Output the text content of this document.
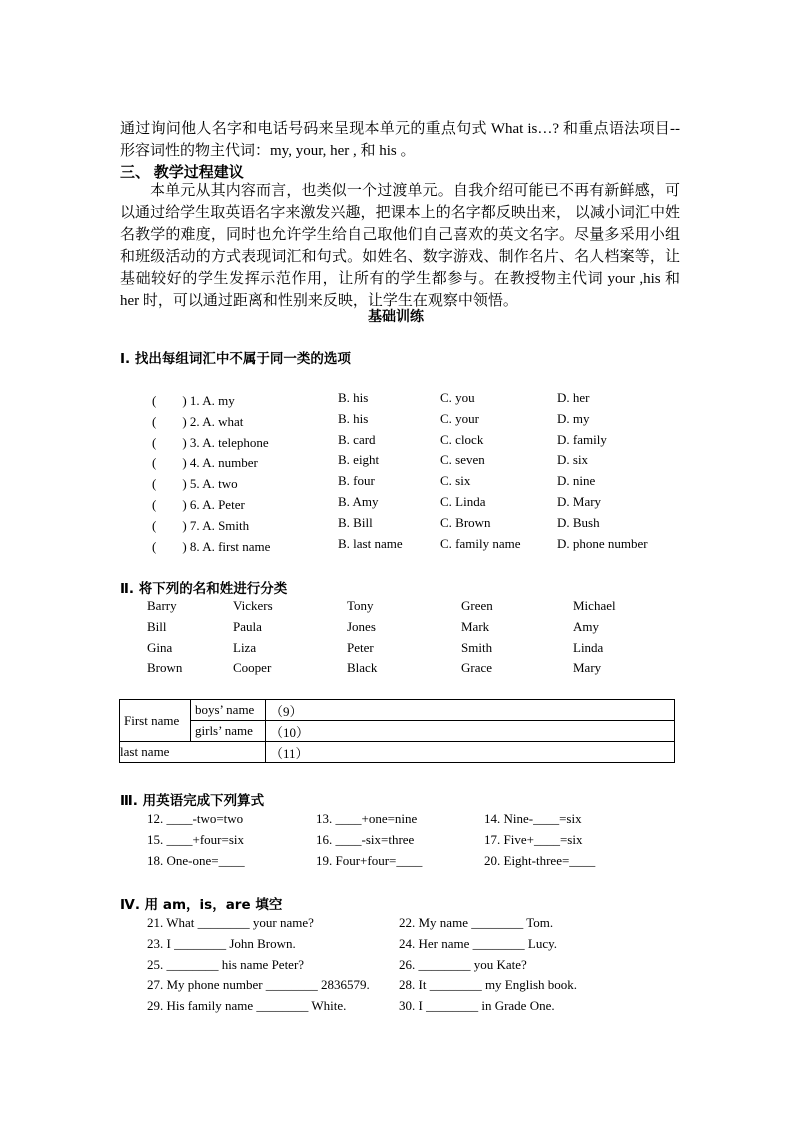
通过询问他人名字和电话号码来呈现本单元的重点句式 What is…? 和重点语法项目--形容词性的物主代词：my, your, her , 和 his 。
三、 教学过程建议
本单元从其内容而言，也类似一个过渡单元。自我介绍可能已不再有新鲜感，可以通过给学生取英语名字来激发兴趣，把课本上的名字都反映出来， 以减小词汇中姓名教学的难度，同时也允许学生给自己取他们自己喜欢的英文名字。尽量多采用小组和班级活动的方式表现词汇和句式。如姓名、数字游戏、制作名片、名人档案等，让基础较好的学生发挥示范作用，让所有的学生都参与。在教授物主代词 your ,his 和 her 时，可以通过距离和性别来反映，让学生在观察中领悟。
基础训练
Ⅰ. 找出每组词汇中不属于同一类的选项
(　　) 1. A. my	B. his	C. you	D. her
(　　) 2. A. what	B. his	C. your	D. my
(　　) 3. A. telephone	B. card	C. clock	D. family
(　　) 4. A. number	B. eight	C. seven	D. six
(　　) 5. A. two	B. four	C. six	D. nine
(　　) 6. A. Peter	B. Amy	C. Linda	D. Mary
(　　) 7. A. Smith	B. Bill	C. Brown	D. Bush
(　　) 8. A. first name	B. last name	C. family name	D. phone number
Ⅱ. 将下列的名和姓进行分类
Barry	Vickers	Tony	Green	Michael
Bill	Paula	Jones	Mark	Amy
Gina	Liza	Peter	Smith	Linda
Brown	Cooper	Black	Grace	Mary
First name	boys’ name	（9）
	girls’ name	（10）
last name		（11）
Ⅲ. 用英语完成下列算式
12. ____-two=two	13. ____+one=nine	14. Nine-____=six
15. ____+four=six	16. ____-six=three	17. Five+____=six
18. One-one=____	19. Four+four=____	20. Eight-three=____
Ⅳ. 用 am，is，are 填空
21. What ________ your name?	22. My name ________ Tom.
23. I ________ John Brown.	24. Her name ________ Lucy.
25. ________ his name Peter?	26. ________ you Kate?
27. My phone number ________ 2836579. 28. It ________ my English book.
29. His family name ________ White.	30. I ________ in Grade One.
